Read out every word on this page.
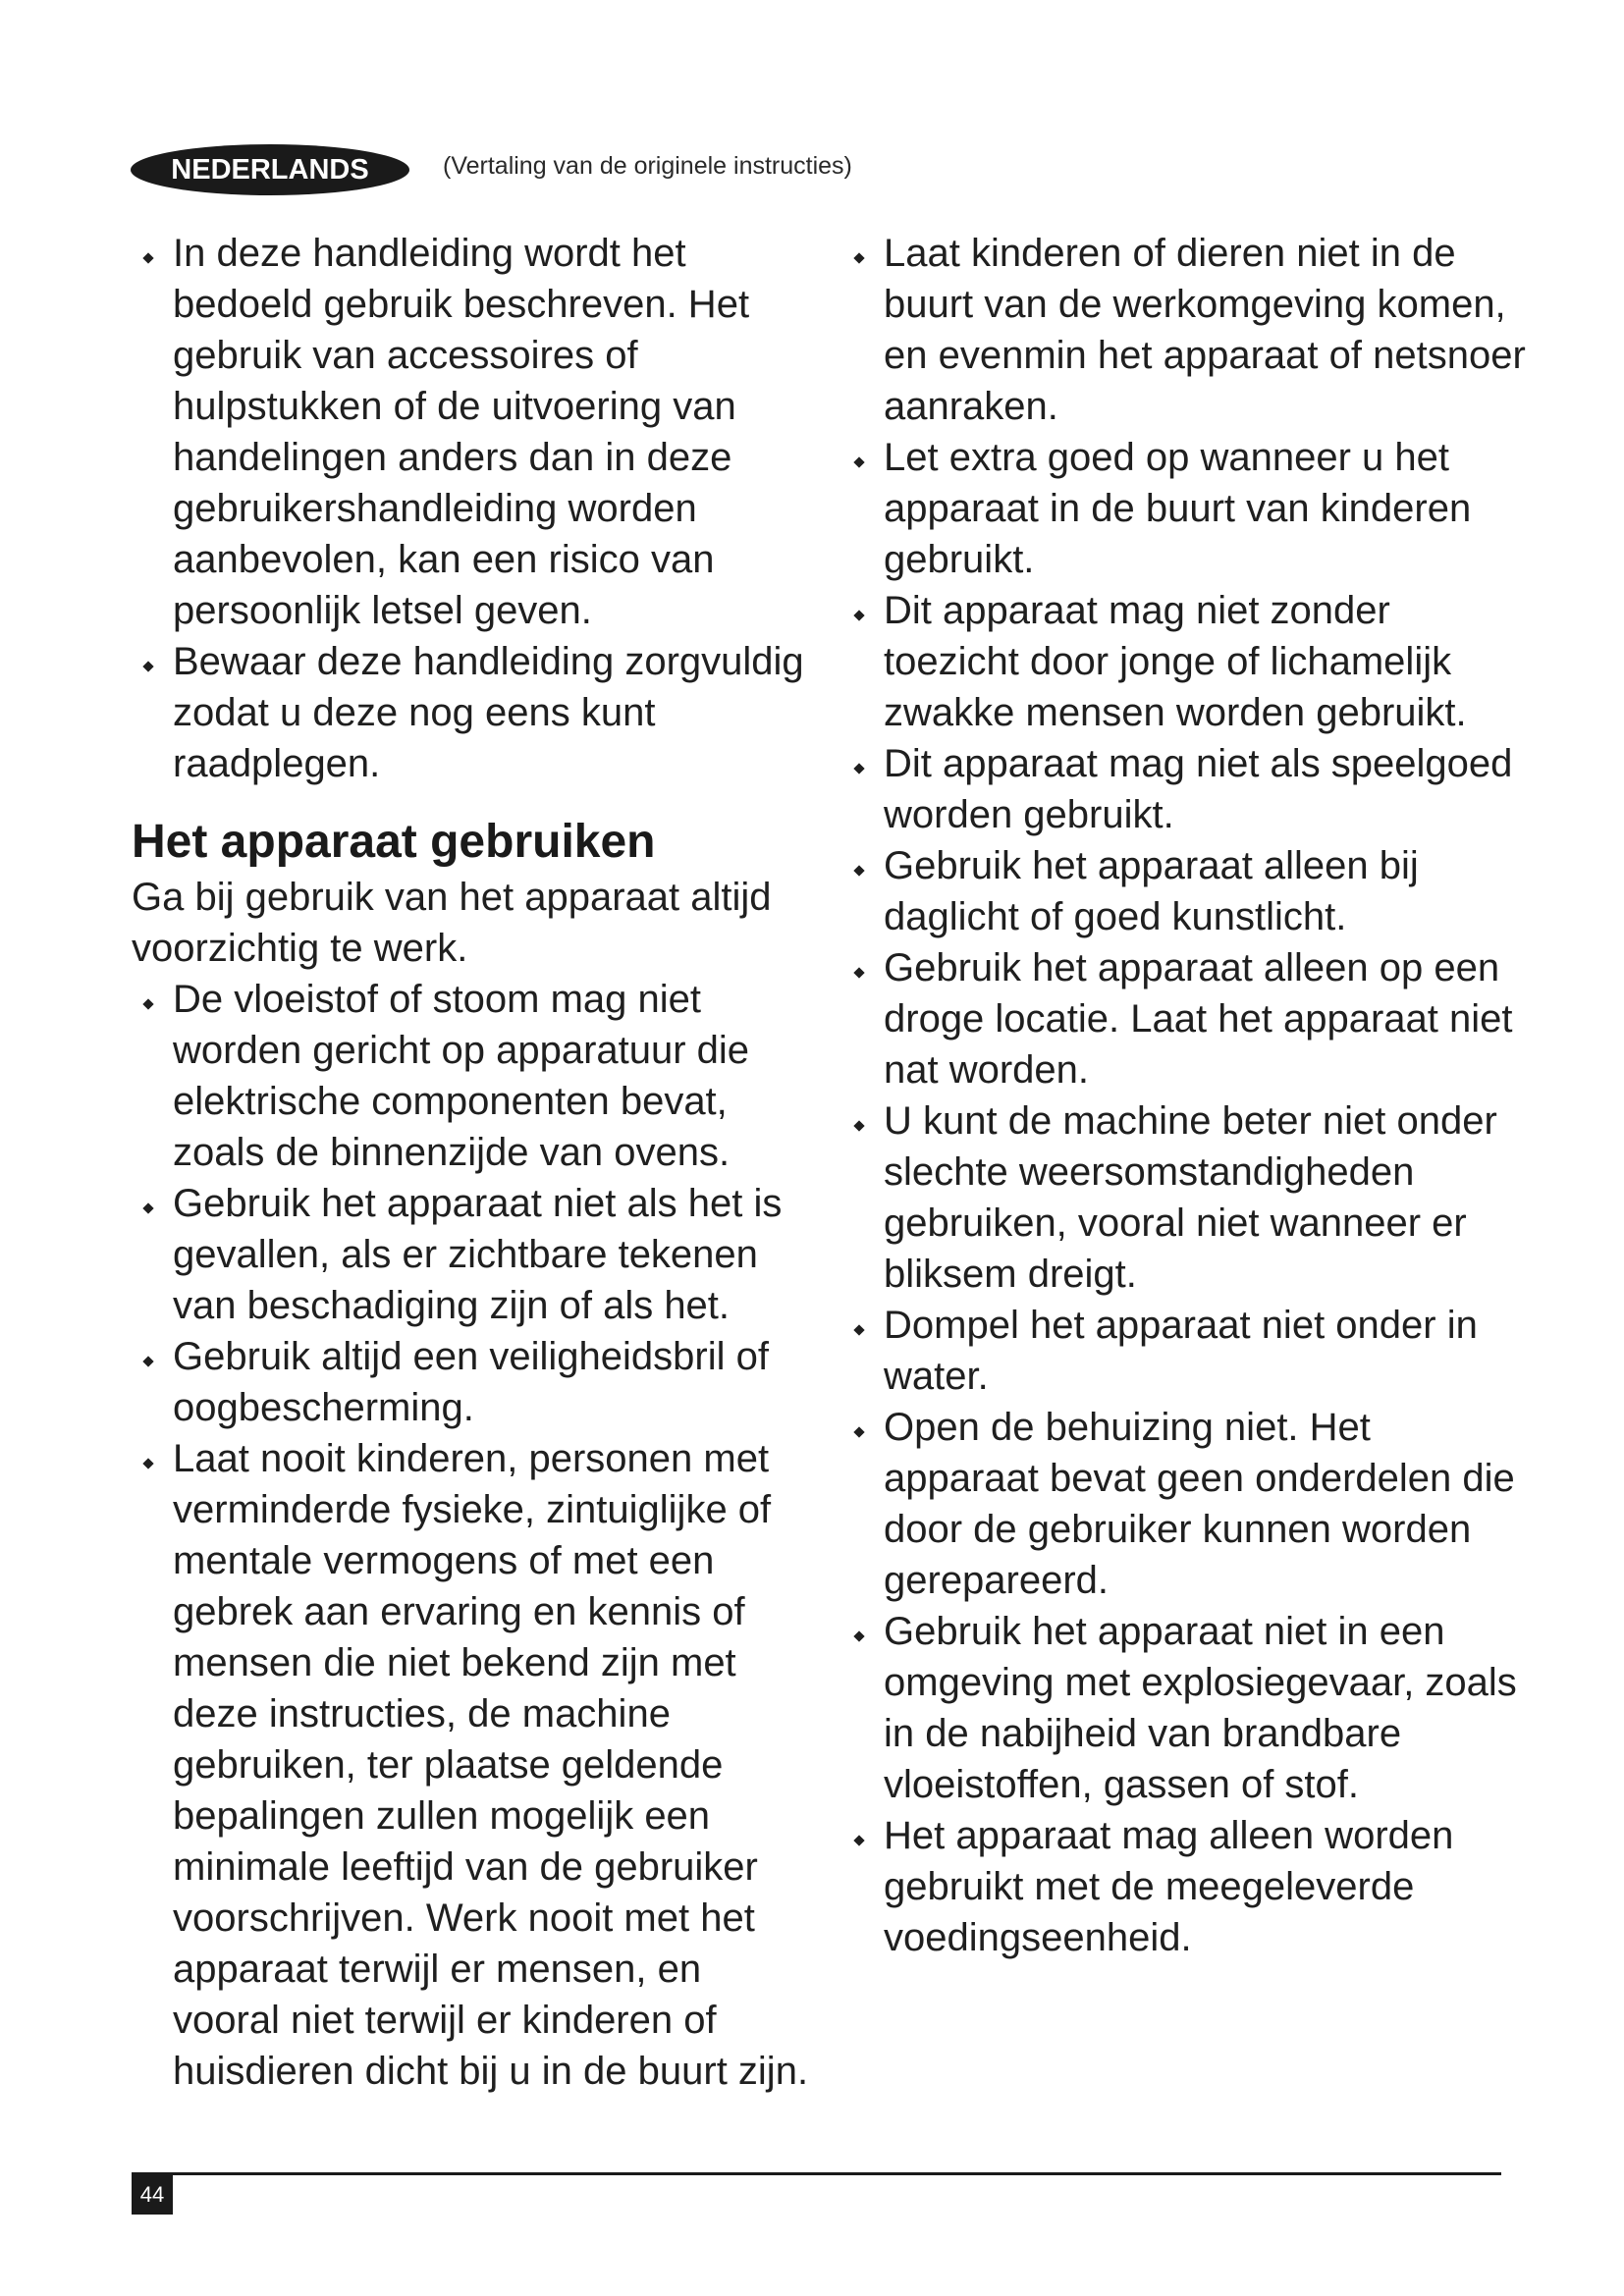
NEDERLANDS	(Vertaling van de originele instructies)
In deze handleiding wordt het bedoeld gebruik beschreven. Het gebruik van accessoires of hulpstukken of de uitvoering van handelingen anders dan in deze gebruikershandleiding worden aanbevolen, kan een risico van persoonlijk letsel geven.
Bewaar deze handleiding zorgvuldig zodat u deze nog eens kunt raadplegen.
Het apparaat gebruiken

Ga bij gebruik van het apparaat altijd voorzichtig te werk.

De vloeistof of stoom mag niet worden gericht op apparatuur die elektrische componenten bevat, zoals de binnenzijde van ovens.
Gebruik het apparaat niet als het is gevallen, als er zichtbare tekenen van beschadiging zijn of als het.
Gebruik altijd een veiligheidsbril of oogbescherming.
Laat nooit kinderen, personen met verminderde fysieke, zintuiglijke of mentale vermogens of met een gebrek aan ervaring en kennis of mensen die niet bekend zijn met deze instructies, de machine gebruiken, ter plaatse geldende bepalingen zullen mogelijk een minimale leeftijd van de gebruiker voorschrijven. Werk nooit met het apparaat terwijl er mensen, en vooral niet terwijl er kinderen of huisdieren dicht bij u in de buurt zijn.
Laat kinderen of dieren niet in de buurt van de werkomgeving komen, en evenmin het apparaat of netsnoer aanraken.
Let extra goed op wanneer u het apparaat in de buurt van kinderen gebruikt.
Dit apparaat mag niet zonder toezicht door jonge of lichamelijk zwakke mensen worden gebruikt.
Dit apparaat mag niet als speelgoed worden gebruikt.
Gebruik het apparaat alleen bij daglicht of goed kunstlicht.
Gebruik het apparaat alleen op een droge locatie. Laat het apparaat niet nat worden.
U kunt de machine beter niet onder slechte weersomstandigheden gebruiken, vooral niet wanneer er bliksem dreigt.
Dompel het apparaat niet onder in water.
Open de behuizing niet. Het apparaat bevat geen onderdelen die door de gebruiker kunnen worden gerepareerd.
Gebruik het apparaat niet in een omgeving met explosiegevaar, zoals in de nabijheid van brandbare vloeistoffen, gassen of stof.
Het apparaat mag alleen worden gebruikt met de meegeleverde voedingseenheid.
44
